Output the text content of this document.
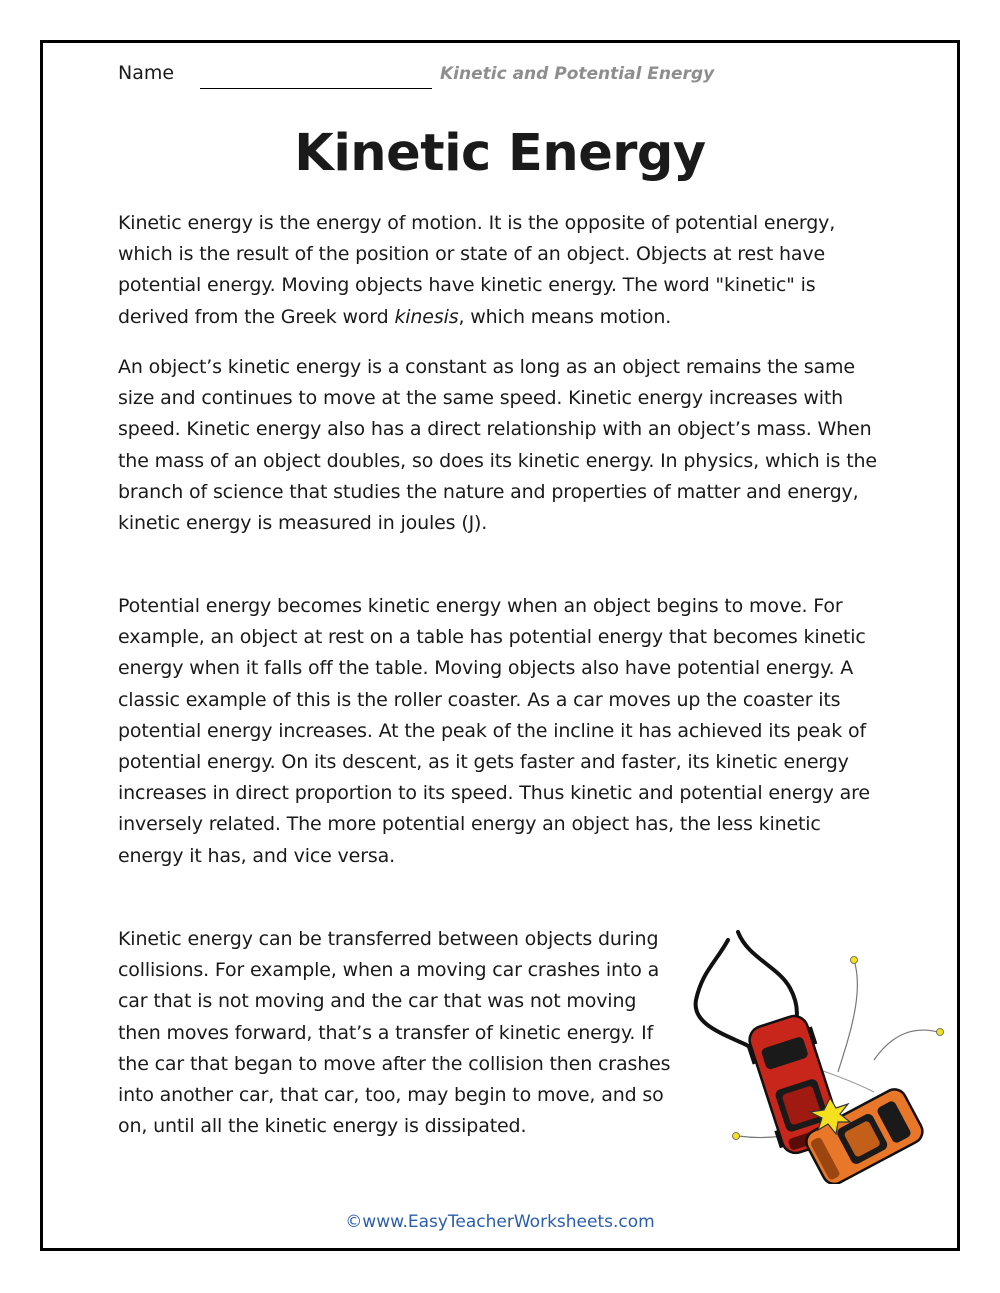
Name	Kinetic and Potential Energy
Kinetic Energy

Kinetic energy is the energy of motion. It is the opposite of potential energy, which is the result of the position or state of an object. Objects at rest have potential energy. Moving objects have kinetic energy. The word "kinetic" is derived from the Greek word kinesis, which means motion.

An object’s kinetic energy is a constant as long as an object remains the same size and continues to move at the same speed. Kinetic energy increases with speed. Kinetic energy also has a direct relationship with an object’s mass. When the mass of an object doubles, so does its kinetic energy. In physics, which is the branch of science that studies the nature and properties of matter and energy, kinetic energy is measured in joules (J).

Potential energy becomes kinetic energy when an object begins to move. For example, an object at rest on a table has potential energy that becomes kinetic energy when it falls off the table. Moving objects also have potential energy. A classic example of this is the roller coaster. As a car moves up the coaster its potential energy increases. At the peak of the incline it has achieved its peak of potential energy. On its descent, as it gets faster and faster, its kinetic energy increases in direct proportion to its speed. Thus kinetic and potential energy are inversely related. The more potential energy an object has, the less kinetic energy it has, and vice versa.

Kinetic energy can be transferred between objects during collisions. For example, when a moving car crashes into a car that is not moving and the car that was not moving then moves forward, that’s a transfer of kinetic energy. If the car that began to move after the collision then crashes into another car, that car, too, may begin to move, and so on, until all the kinetic energy is dissipated.

©www.EasyTeacherWorksheets.com
